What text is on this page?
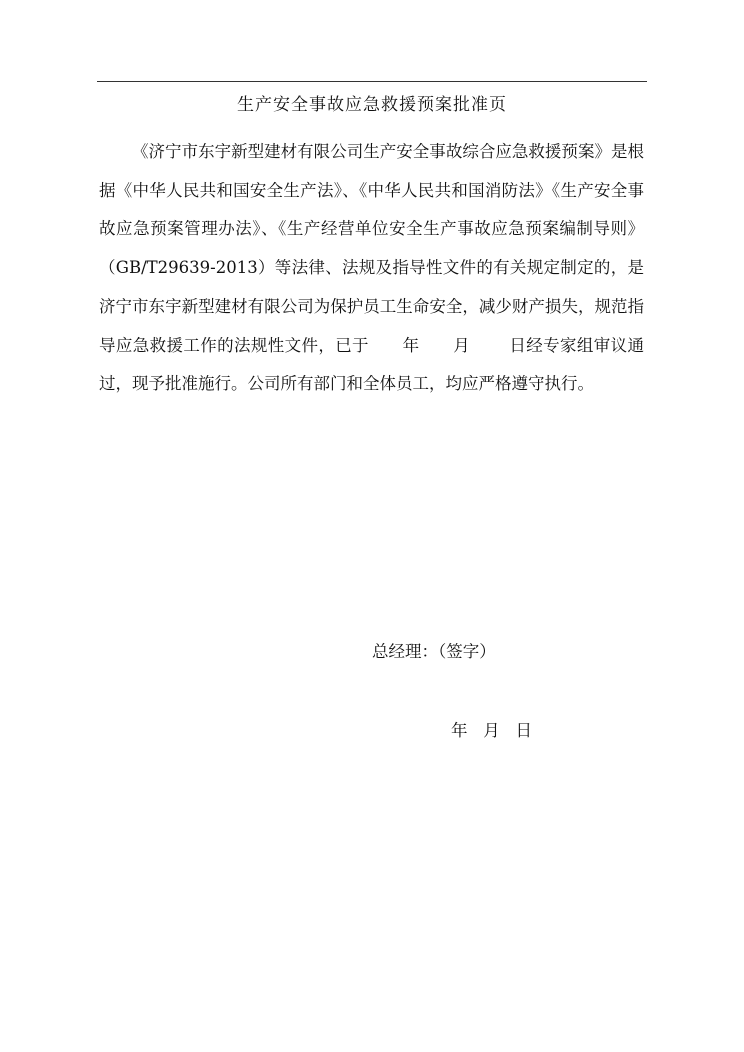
生产安全事故应急救援预案批准页

《济宁市东宇新型建材有限公司生产安全事故综合应急救援预案》是根据《中华人民共和国安全生产法》、《中华人民共和国消防法》《生产安全事故应急预案管理办法》、《生产经营单位安全生产事故应急预案编制导则》（GB/T29639-2013）等法律、法规及指导性文件的有关规定制定的，是济宁市东宇新型建材有限公司为保护员工生命安全，减少财产损失，规范指导应急救援工作的法规性文件，已于 年 月 日经专家组审议通过，现予批准施行。公司所有部门和全体员工，均应严格遵守执行。

总经理：（签字）
年   月   日
